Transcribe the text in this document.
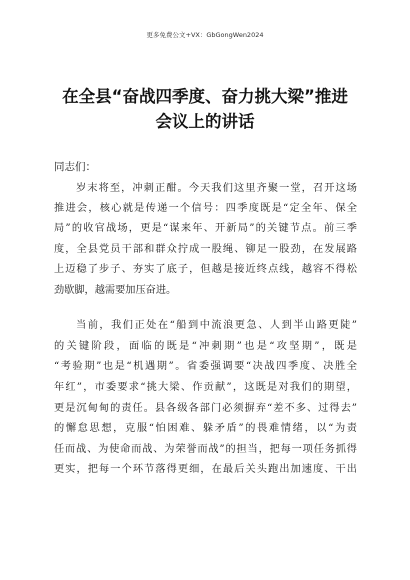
更多免费公文+VX：GbGongWen2024
在全县“奋战四季度、奋力挑大梁”推进
会议上的讲话
同志们：
岁末将至，冲刺正酣。今天我们这里齐聚一堂，召开这场
推进会，核心就是传递一个信号：四季度既是“定全年、保全
局”的收官战场，更是“谋来年、开新局”的关键节点。前三季
度，全县党员干部和群众拧成一股绳、铆足一股劲，在发展路
上迈稳了步子、夯实了底子，但越是接近终点线，越容不得松
劲歇脚，越需要加压奋进。
当前，我们正处在“船到中流浪更急、人到半山路更陡”
的关键阶段，面临的既是“冲刺期”也是“攻坚期”，既是
“考验期”也是“机遇期”。省委强调要“决战四季度、决胜全
年红”，市委要求“挑大梁、作贡献”，这既是对我们的期望，
更是沉甸甸的责任。县各级各部门必须摒弃“差不多、过得去”
的懈怠思想，克服“怕困难、躲矛盾”的畏难情绪，以“为责
任而战、为使命而战、为荣誉而战”的担当，把每一项任务抓得
更实，把每一个环节落得更细，在最后关头跑出加速度、干出
